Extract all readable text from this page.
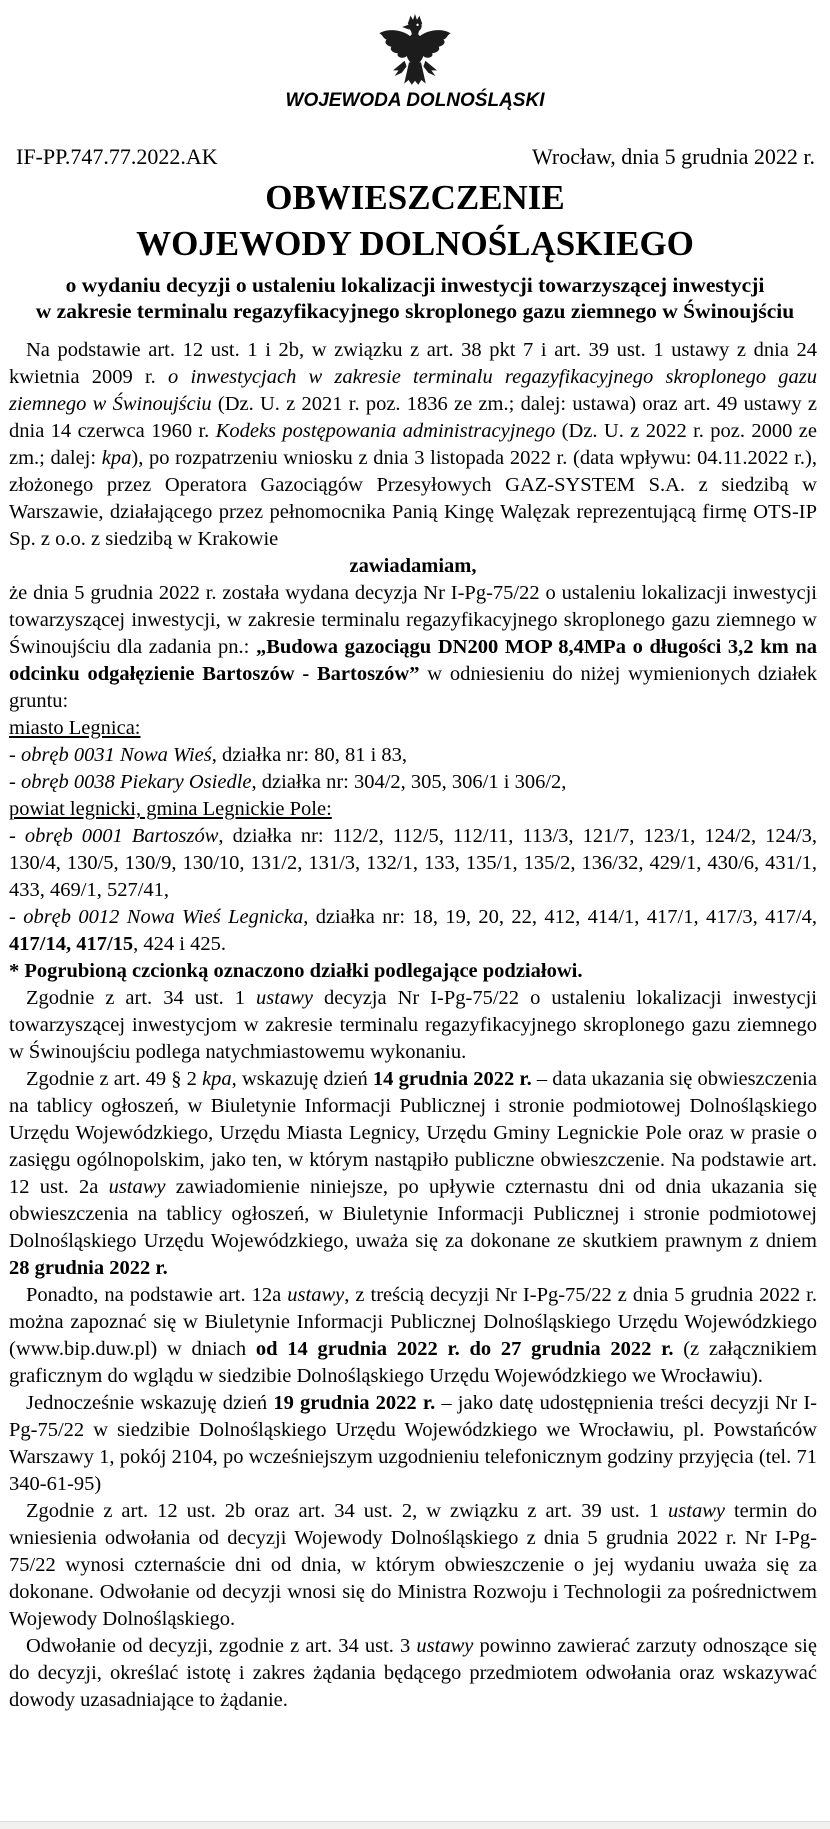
WOJEWODA DOLNOŚLĄSKI
IF-PP.747.77.2022.AK	Wrocław, dnia 5 grudnia 2022 r.
OBWIESZCZENIE
WOJEWODY DOLNOŚLĄSKIEGO
o wydaniu decyzji o ustaleniu lokalizacji inwestycji towarzyszącej inwestycji
w zakresie terminalu regazyfikacyjnego skroplonego gazu ziemnego w Świnoujściu

Na podstawie art. 12 ust. 1 i 2b, w związku z art. 38 pkt 7 i art. 39 ust. 1 ustawy z dnia 24 kwietnia 2009 r. o inwestycjach w zakresie terminalu regazyfikacyjnego skroplonego gazu ziemnego w Świnoujściu (Dz. U. z 2021 r. poz. 1836 ze zm.; dalej: ustawa) oraz art. 49 ustawy z dnia 14 czerwca 1960 r. Kodeks postępowania administracyjnego (Dz. U. z 2022 r. poz. 2000 ze zm.; dalej: kpa), po rozpatrzeniu wniosku z dnia 3 listopada 2022 r. (data wpływu: 04.11.2022 r.), złożonego przez Operatora Gazociągów Przesyłowych GAZ-SYSTEM S.A. z siedzibą w Warszawie, działającego przez pełnomocnika Panią Kingę Walęzak reprezentującą firmę OTS-IP Sp. z o.o. z siedzibą w Krakowie

zawiadamiam,

że dnia 5 grudnia 2022 r. została wydana decyzja Nr I-Pg-75/22 o ustaleniu lokalizacji inwestycji towarzyszącej inwestycji, w zakresie terminalu regazyfikacyjnego skroplonego gazu ziemnego w Świnoujściu dla zadania pn.: „Budowa gazociągu DN200 MOP 8,4MPa o długości 3,2 km na odcinku odgałęzienie Bartoszów - Bartoszów” w odniesieniu do niżej wymienionych działek gruntu:

miasto Legnica:

- obręb 0031 Nowa Wieś, działka nr: 80, 81 i 83,

- obręb 0038 Piekary Osiedle, działka nr: 304/2, 305, 306/1 i 306/2,

powiat legnicki, gmina Legnickie Pole:

- obręb 0001 Bartoszów, działka nr: 112/2, 112/5, 112/11, 113/3, 121/7, 123/1, 124/2, 124/3, 130/4, 130/5, 130/9, 130/10, 131/2, 131/3, 132/1, 133, 135/1, 135/2, 136/32, 429/1, 430/6, 431/1, 433, 469/1, 527/41,

- obręb 0012 Nowa Wieś Legnicka, działka nr: 18, 19, 20, 22, 412, 414/1, 417/1, 417/3, 417/4, 417/14, 417/15, 424 i 425.

* Pogrubioną czcionką oznaczono działki podlegające podziałowi.

Zgodnie z art. 34 ust. 1 ustawy decyzja Nr I-Pg-75/22 o ustaleniu lokalizacji inwestycji towarzyszącej inwestycjom w zakresie terminalu regazyfikacyjnego skroplonego gazu ziemnego w Świnoujściu podlega natychmiastowemu wykonaniu.

Zgodnie z art. 49 § 2 kpa, wskazuję dzień 14 grudnia 2022 r. – data ukazania się obwieszczenia na tablicy ogłoszeń, w Biuletynie Informacji Publicznej i stronie podmiotowej Dolnośląskiego Urzędu Wojewódzkiego, Urzędu Miasta Legnicy, Urzędu Gminy Legnickie Pole oraz w prasie o zasięgu ogólnopolskim, jako ten, w którym nastąpiło publiczne obwieszczenie. Na podstawie art. 12 ust. 2a ustawy zawiadomienie niniejsze, po upływie czternastu dni od dnia ukazania się obwieszczenia na tablicy ogłoszeń, w Biuletynie Informacji Publicznej i stronie podmiotowej Dolnośląskiego Urzędu Wojewódzkiego, uważa się za dokonane ze skutkiem prawnym z dniem 28 grudnia 2022 r.

Ponadto, na podstawie art. 12a ustawy, z treścią decyzji Nr I-Pg-75/22 z dnia 5 grudnia 2022 r. można zapoznać się w Biuletynie Informacji Publicznej Dolnośląskiego Urzędu Wojewódzkiego (www.bip.duw.pl) w dniach od 14 grudnia 2022 r. do 27 grudnia 2022 r. (z załącznikiem graficznym do wglądu w siedzibie Dolnośląskiego Urzędu Wojewódzkiego we Wrocławiu).

Jednocześnie wskazuję dzień 19 grudnia 2022 r. – jako datę udostępnienia treści decyzji Nr I-Pg-75/22 w siedzibie Dolnośląskiego Urzędu Wojewódzkiego we Wrocławiu, pl. Powstańców Warszawy 1, pokój 2104, po wcześniejszym uzgodnieniu telefonicznym godziny przyjęcia (tel. 71 340-61-95)

Zgodnie z art. 12 ust. 2b oraz art. 34 ust. 2, w związku z art. 39 ust. 1 ustawy termin do wniesienia odwołania od decyzji Wojewody Dolnośląskiego z dnia 5 grudnia 2022 r. Nr I-Pg-75/22 wynosi czternaście dni od dnia, w którym obwieszczenie o jej wydaniu uważa się za dokonane. Odwołanie od decyzji wnosi się do Ministra Rozwoju i Technologii za pośrednictwem Wojewody Dolnośląskiego.

Odwołanie od decyzji, zgodnie z art. 34 ust. 3 ustawy powinno zawierać zarzuty odnoszące się do decyzji, określać istotę i zakres żądania będącego przedmiotem odwołania oraz wskazywać dowody uzasadniające to żądanie.
